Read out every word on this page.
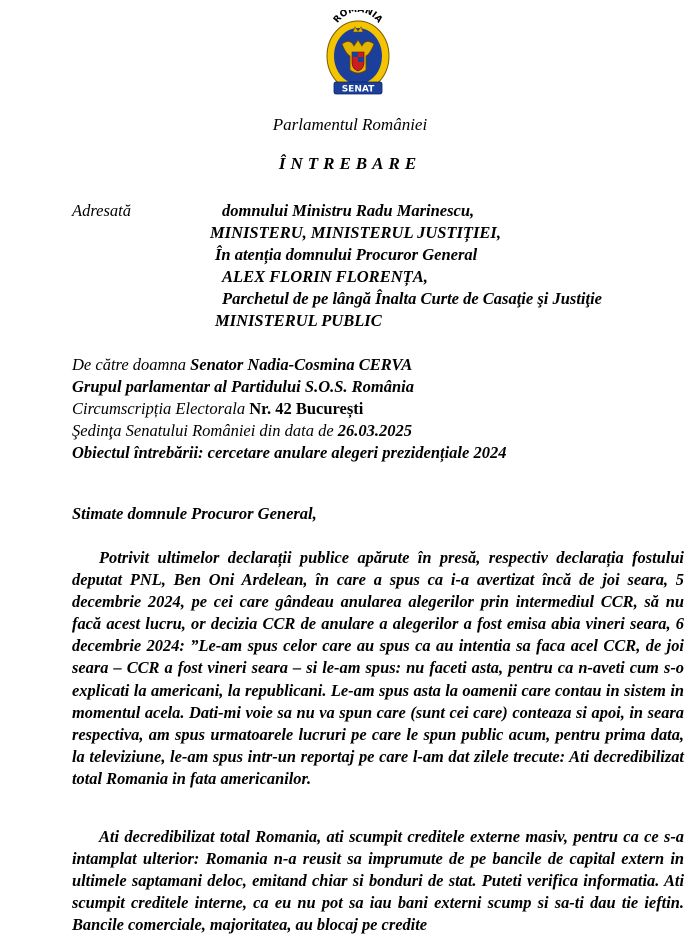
ROMÂNIA
SENAT
Parlamentul României
ÎNTREBARE
Adresată	domnului Ministru Radu Marinescu,
MINISTERU, MINISTERUL JUSTIȚIEI,
În atenția domnului Procuror General
ALEX FLORIN FLORENȚA,
Parchetul de pe lângă Înalta Curte de Casaţie şi Justiţie
MINISTERUL PUBLIC
De către doamna Senator Nadia-Cosmina CERVA
Grupul parlamentar al Partidului S.O.S. România
Circumscripția Electorala Nr. 42 București
Şedinţa Senatului României din data de 26.03.2025
Obiectul întrebării: cercetare anulare alegeri prezidențiale 2024
Stimate domnule Procuror General,

Potrivit ultimelor declarații publice apărute în presă, respectiv declarația fostului deputat PNL, Ben Oni Ardelean, în care a spus ca i-a avertizat încă de joi seara, 5 decembrie 2024, pe cei care gândeau anularea alegerilor prin intermediul CCR, să nu facă acest lucru, or decizia CCR de anulare a alegerilor a fost emisa abia vineri seara, 6 decembrie 2024: ”Le-am spus celor care au spus ca au intentia sa faca acel CCR, de joi seara – CCR a fost vineri seara – si le-am spus: nu faceti asta, pentru ca n-aveti cum s-o explicati la americani, la republicani. Le-am spus asta la oamenii care contau in sistem in momentul acela. Dati-mi voie sa nu va spun care (sunt cei care) conteaza si apoi, in seara respectiva, am spus urmatoarele lucruri pe care le spun public acum, pentru prima data, la televiziune, le-am spus intr-un reportaj pe care l-am dat zilele trecute: Ati decredibilizat total Romania in fata americanilor.

Ati decredibilizat total Romania, ati scumpit creditele externe masiv, pentru ca ce s-a intamplat ulterior: Romania n-a reusit sa imprumute de pe bancile de capital extern in ultimele saptamani deloc, emitand chiar si bonduri de stat. Puteti verifica informatia. Ati scumpit creditele interne, ca eu nu pot sa iau bani externi scump si sa-ti dau tie ieftin. Bancile comerciale, majoritatea, au blocaj pe credite
